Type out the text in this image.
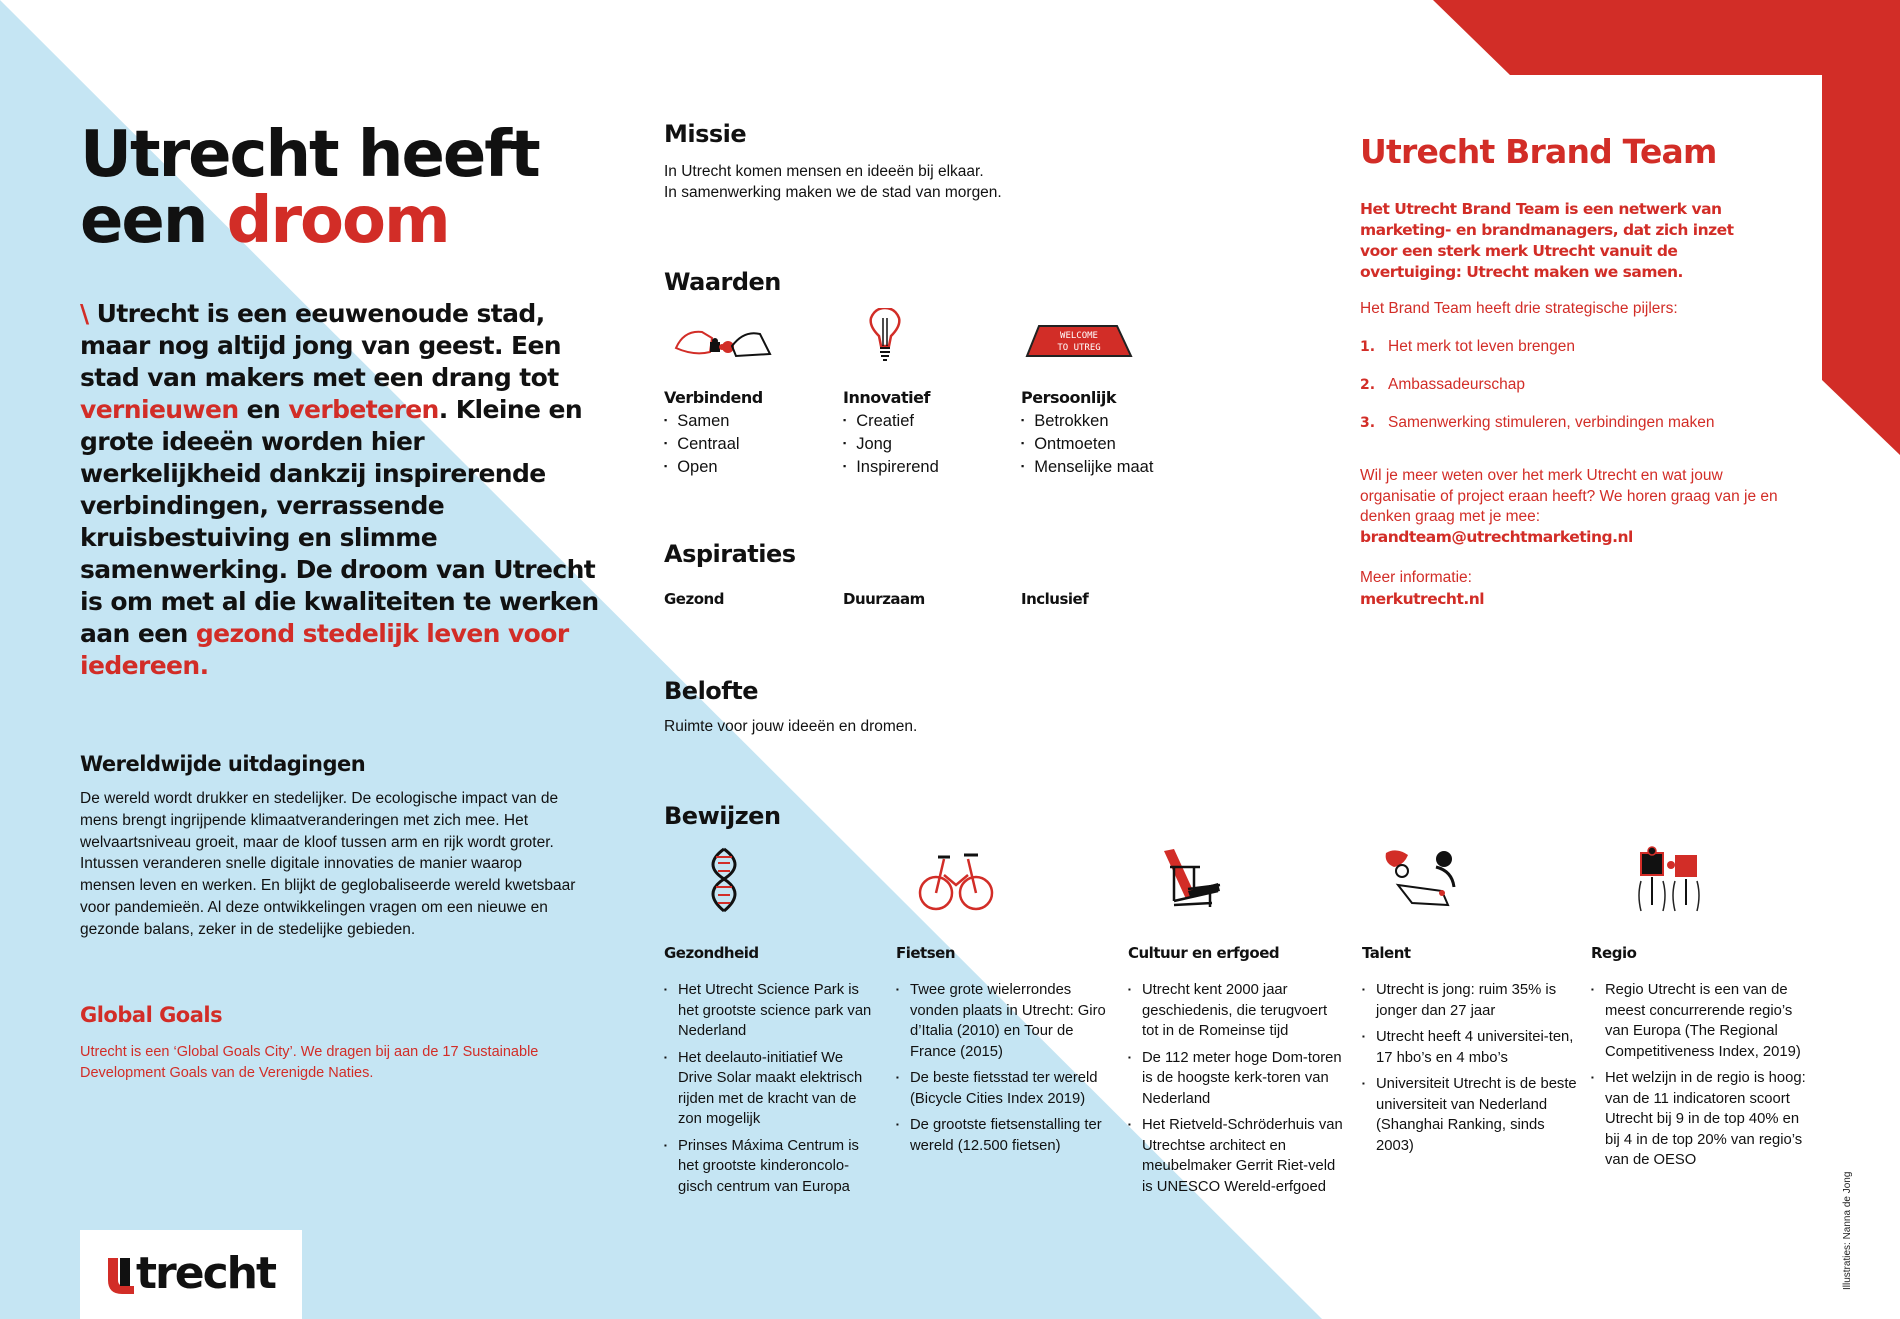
Utrecht heeft
een droom

\ Utrecht is een eeuwenoude stad, maar nog altijd jong van geest. Een stad van makers met een drang tot vernieuwen en verbeteren. Kleine en grote ideeën worden hier werkelijkheid dankzij inspirerende verbindingen, verrassende kruisbestuiving en slimme samenwerking. De droom van Utrecht is om met al die kwaliteiten te werken aan een gezond stedelijk leven voor iedereen.

Wereldwijde uitdagingen

De wereld wordt drukker en stedelijker. De ecologische impact van de mens brengt ingrijpende klimaatveranderingen met zich mee. Het welvaartsniveau groeit, maar de kloof tussen arm en rijk wordt groter. Intussen veranderen snelle digitale innovaties de manier waarop mensen leven en werken. En blijkt de geglobaliseerde wereld kwetsbaar voor pandemieën. Al deze ontwikkelingen vragen om een nieuwe en gezonde balans, zeker in de stedelijke gebieden.

Global Goals

Utrecht is een ‘Global Goals City’. We dragen bij aan de 17 Sustainable Development Goals van de Verenigde Naties.

trecht
Missie

In Utrecht komen mensen en ideeën bij elkaar.
In samenwerking maken we de stad van morgen.

Waarden
Verbindend
▪ Samen
▪ Centraal
▪ Open
Innovatief
▪ Creatief
▪ Jong
▪ Inspirerend
WELCOME
TO UTREG
Persoonlijk
▪ Betrokken
▪ Ontmoeten
▪ Menselijke maat
Aspiraties
Gezond	Duurzaam	Inclusief
Belofte

Ruimte voor jouw ideeën en dromen.

Bewijzen
Gezondheid
▪ Het Utrecht Science Park is het grootste science park van Nederland
▪ Het deelauto-initiatief We Drive Solar maakt elektrisch rijden met de kracht van de zon mogelijk
▪ Prinses Máxima Centrum is het grootste kinderoncolo-gisch centrum van Europa
Fietsen
▪ Twee grote wielerrondes vonden plaats in Utrecht: Giro d’Italia (2010) en Tour de France (2015)
▪ De beste fietsstad ter wereld (Bicycle Cities Index 2019)
▪ De grootste fietsenstalling ter wereld (12.500 fietsen)
Cultuur en erfgoed
▪ Utrecht kent 2000 jaar geschiedenis, die terugvoert tot in de Romeinse tijd
▪ De 112 meter hoge Dom-toren is de hoogste kerk-toren van Nederland
▪ Het Rietveld-Schröderhuis van Utrechtse architect en meubelmaker Gerrit Riet-veld is UNESCO Wereld-erfgoed
Talent
▪ Utrecht is jong: ruim 35% is jonger dan 27 jaar
▪ Utrecht heeft 4 universitei-ten, 17 hbo’s en 4 mbo’s
▪ Universiteit Utrecht is de beste universiteit van Nederland (Shanghai Ranking, sinds 2003)
Regio
▪ Regio Utrecht is een van de meest concurrerende regio’s van Europa (The Regional Competitiveness Index, 2019)
▪ Het welzijn in de regio is hoog: van de 11 indicatoren scoort Utrecht bij 9 in de top 40% en bij 4 in de top 20% van regio’s van de OESO
Utrecht Brand Team

Het Utrecht Brand Team is een netwerk van marketing- en brandmanagers, dat zich inzet voor een sterk merk Utrecht vanuit de overtuiging: Utrecht maken we samen.

Het Brand Team heeft drie strategische pijlers:

1. Het merk tot leven brengen
2. Ambassadeurschap
3. Samenwerking stimuleren, verbindingen maken

Wil je meer weten over het merk Utrecht en wat jouw organisatie of project eraan heeft? We horen graag van je en denken graag met je mee:

brandteam@utrechtmarketing.nl

Meer informatie:

merkutrecht.nl
Illustraties: Nanna de Jong
